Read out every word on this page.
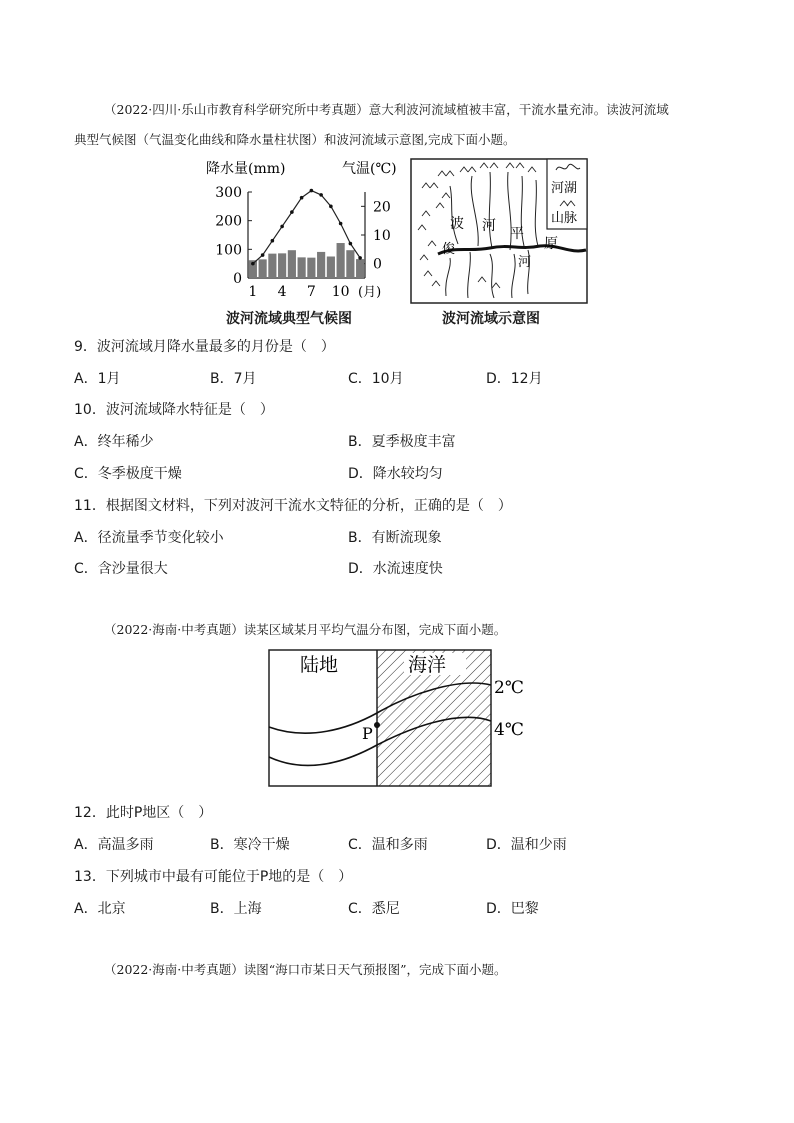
（2022·四川·乐山市教育科学研究所中考真题）意大利波河流域植被丰富，干流水量充沛。读波河流域
典型气候图（气温变化曲线和降水量柱状图）和波河流域示意图,完成下面小题。
降水量(mm)	气温(℃)
0
100
200
300
0
10
20
1 4 7 10 (月)
波河流域典型气候图
波 河 平
原
俊
河
河湖
山脉
波河流域示意图
9．波河流域月降水量最多的月份是（　）
A．1月	B．7月	C．10月	D．12月
10．波河流域降水特征是（　）
A．终年稀少	B．夏季极度丰富
C．冬季极度干燥	D．降水较均匀
11．根据图文材料，下列对波河干流水文特征的分析，正确的是（　）
A．径流量季节变化较小	B．有断流现象
C．含沙量很大	D．水流速度快
（2022·海南·中考真题）读某区域某月平均气温分布图，完成下面小题。
陆地	海洋
P
2℃
4℃
12．此时P地区（　）
A．高温多雨	B．寒冷干燥	C．温和多雨	D．温和少雨
13．下列城市中最有可能位于P地的是（　）
A．北京	B．上海	C．悉尼	D．巴黎
（2022·海南·中考真题）读图“海口市某日天气预报图”，完成下面小题。
